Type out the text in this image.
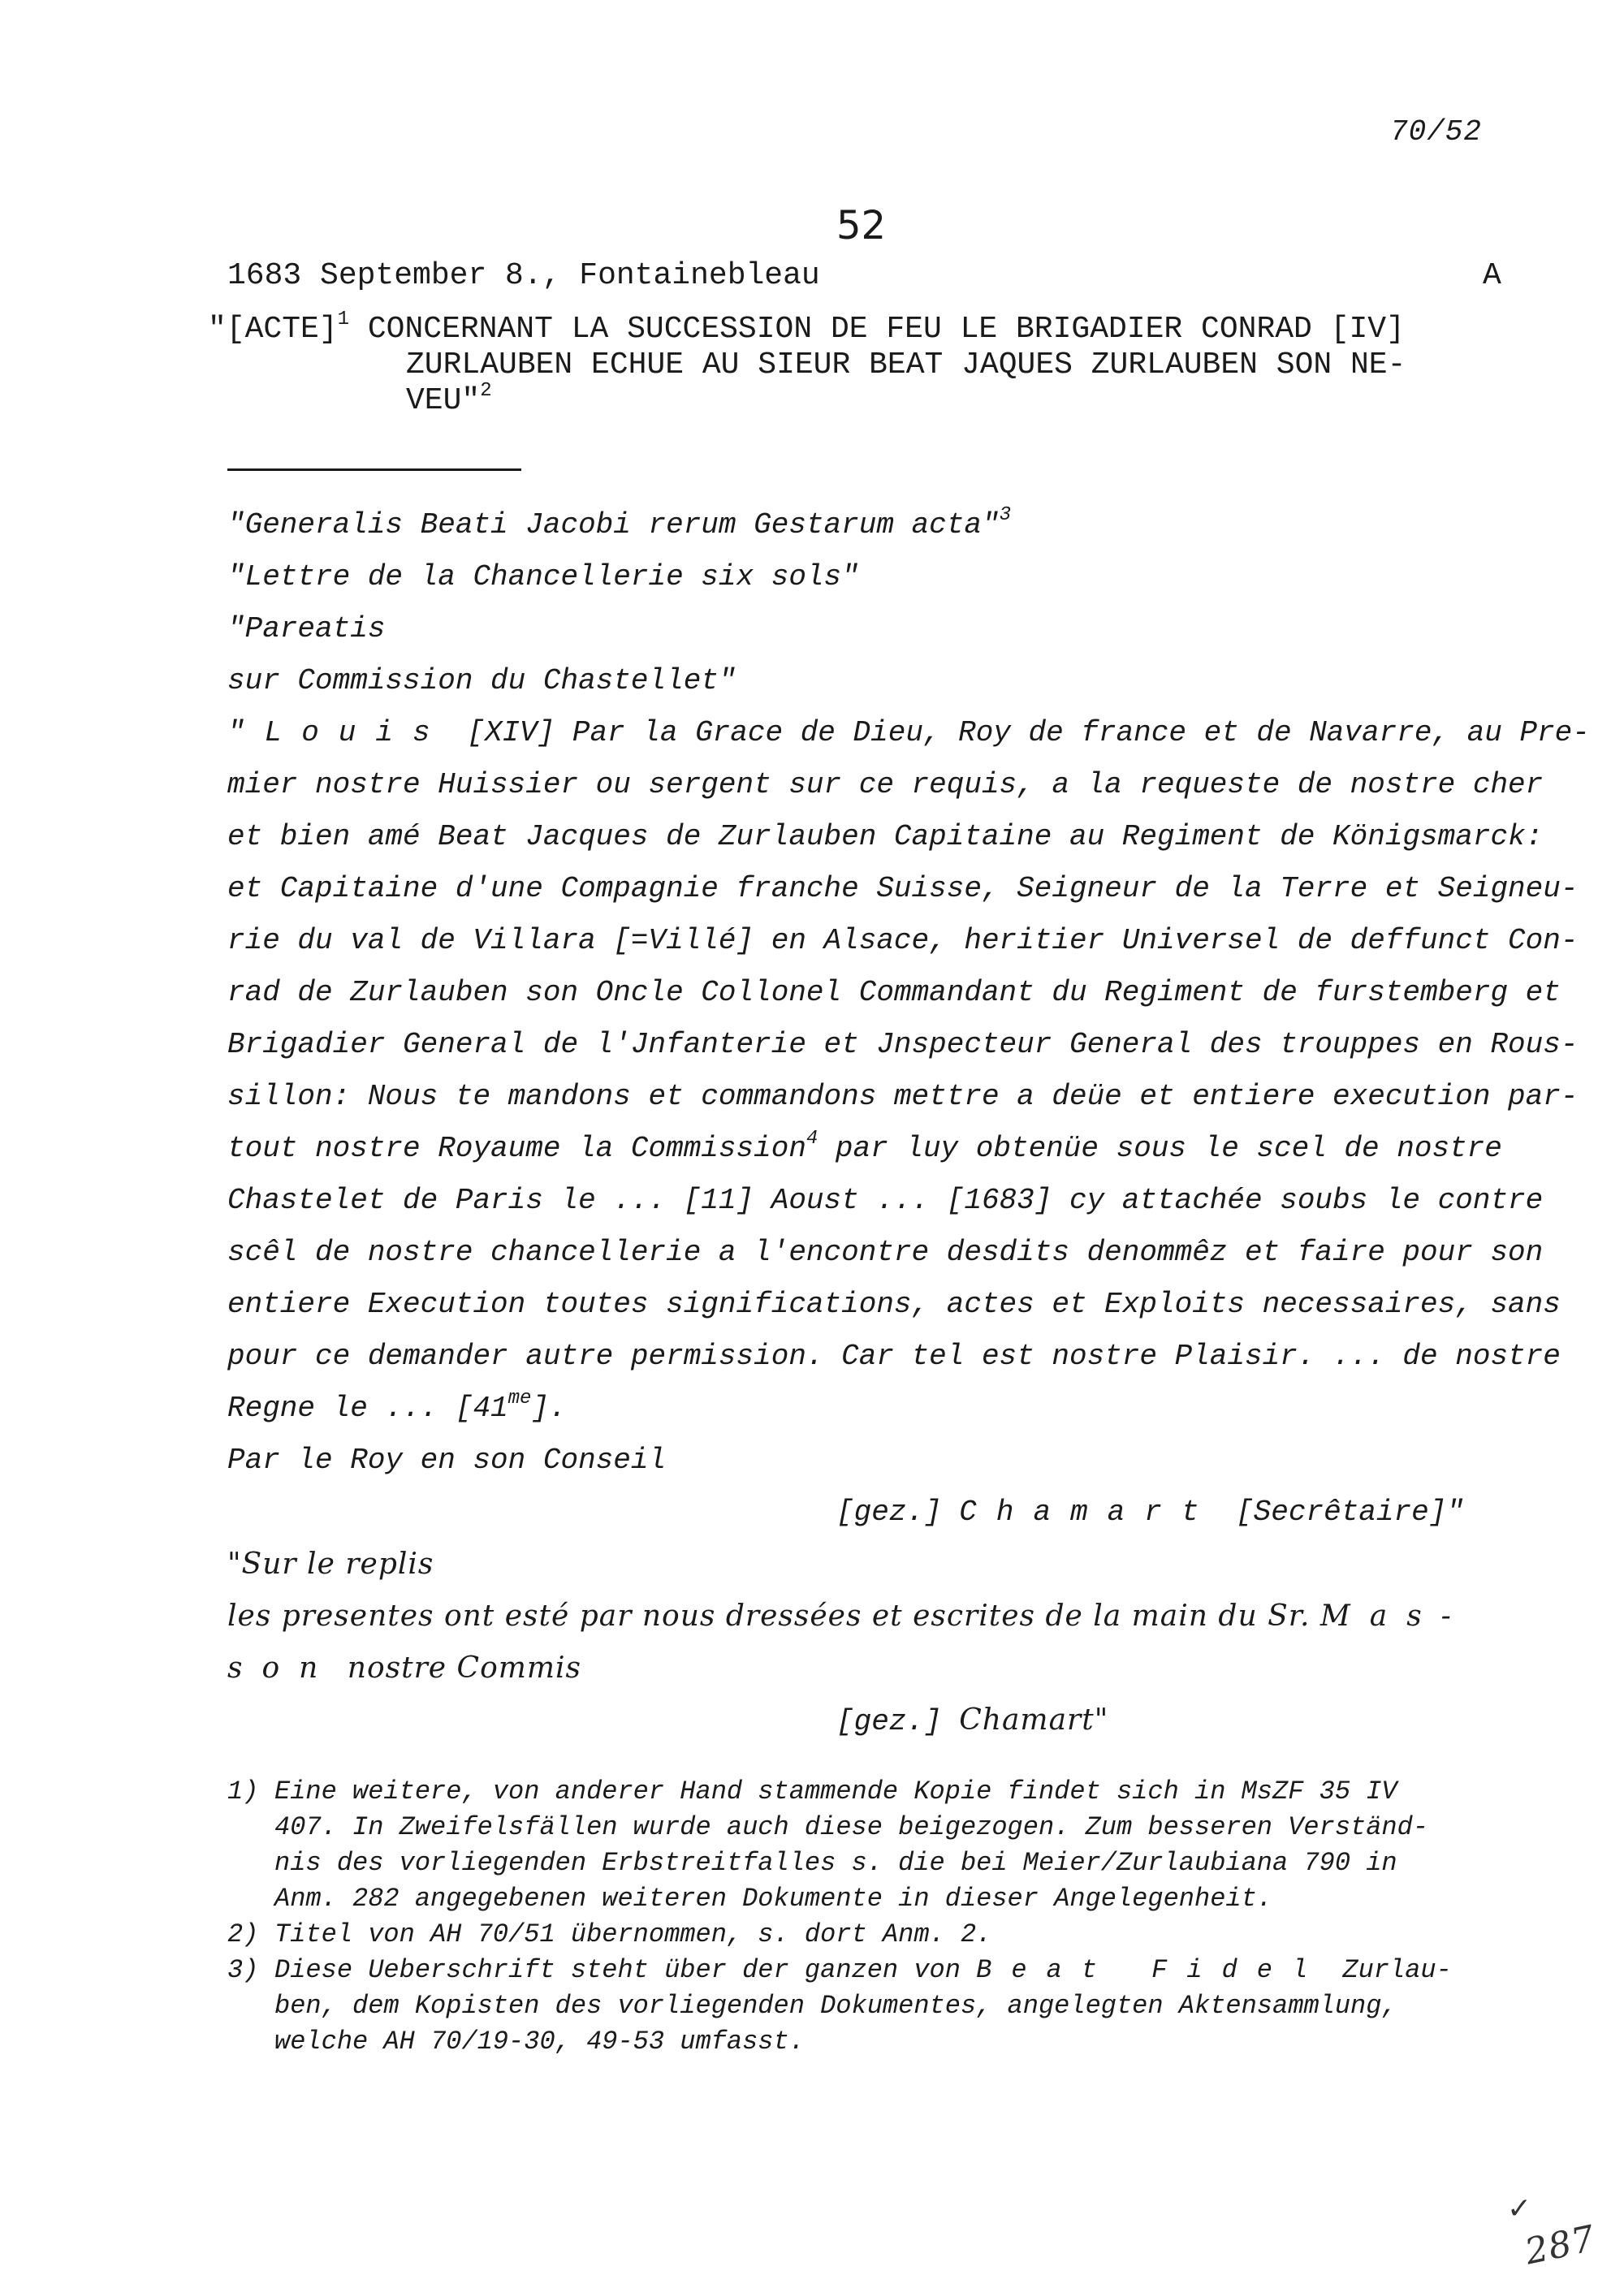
70/52
52
1683 September 8., Fontainebleau	A
"[ACTE]$^1$ CONCERNANT LA SUCCESSION DE FEU LE BRIGADIER CONRAD [IV]
ZURLAUBEN ECHUE AU SIEUR BEAT JAQUES ZURLAUBEN SON NE-
VEU"$^2$
"Generalis Beati Jacobi rerum Gestarum acta"$^3$
"Lettre de la Chancellerie six sols"
"Pareatis
sur Commission du Chastellet"
"Louis [XIV] Par la Grace de Dieu, Roy de france et de Navarre, au Pre-
mier nostre Huissier ou sergent sur ce requis, a la requeste de nostre cher
et bien amé Beat Jacques de Zurlauben Capitaine au Regiment de Königsmarck:
et Capitaine d'une Compagnie franche Suisse, Seigneur de la Terre et Seigneu-
rie du val de Villara [=Villé] en Alsace, heritier Universel de deffunct Con-
rad de Zurlauben son Oncle Collonel Commandant du Regiment de furstemberg et
Brigadier General de l'Jnfanterie et Jnspecteur General des trouppes en Rous-
sillon: Nous te mandons et commandons mettre a deüe et entiere execution par-
tout nostre Royaume la Commission$^4$ par luy obtenüe sous le scel de nostre
Chastelet de Paris le ... [11] Aoust ... [1683] cy attachée soubs le contre
scêl de nostre chancellerie a l'encontre desdits denommêz et faire pour son
entiere Execution toutes significations, actes et Exploits necessaires, sans
pour ce demander autre permission. Car tel est nostre Plaisir. ... de nostre
Regne le ... $[41^{me}]$.
Par le Roy en son Conseil
[gez.] Chamart [Secrêtaire]"
"Sur le replis
les presentes ont esté par nous dressées et escrites de la main du Sr. Mas-
son nostre Commis
[gez.] Chamart"
1) Eine weitere, von anderer Hand stammende Kopie findet sich in MsZF 35 IV
407. In Zweifelsfällen wurde auch diese beigezogen. Zum besseren Verständ-
nis des vorliegenden Erbstreitfalles s. die bei Meier/Zurlaubiana 790 in
Anm. 282 angegebenen weiteren Dokumente in dieser Angelegenheit.
2) Titel von AH 70/51 übernommen, s. dort Anm. 2.
3) Diese Ueberschrift steht über der ganzen von Beat Fidel Zurlau-
ben, dem Kopisten des vorliegenden Dokumentes, angelegten Aktensammlung,
welche AH 70/19-30, 49-53 umfasst.
✓
287
